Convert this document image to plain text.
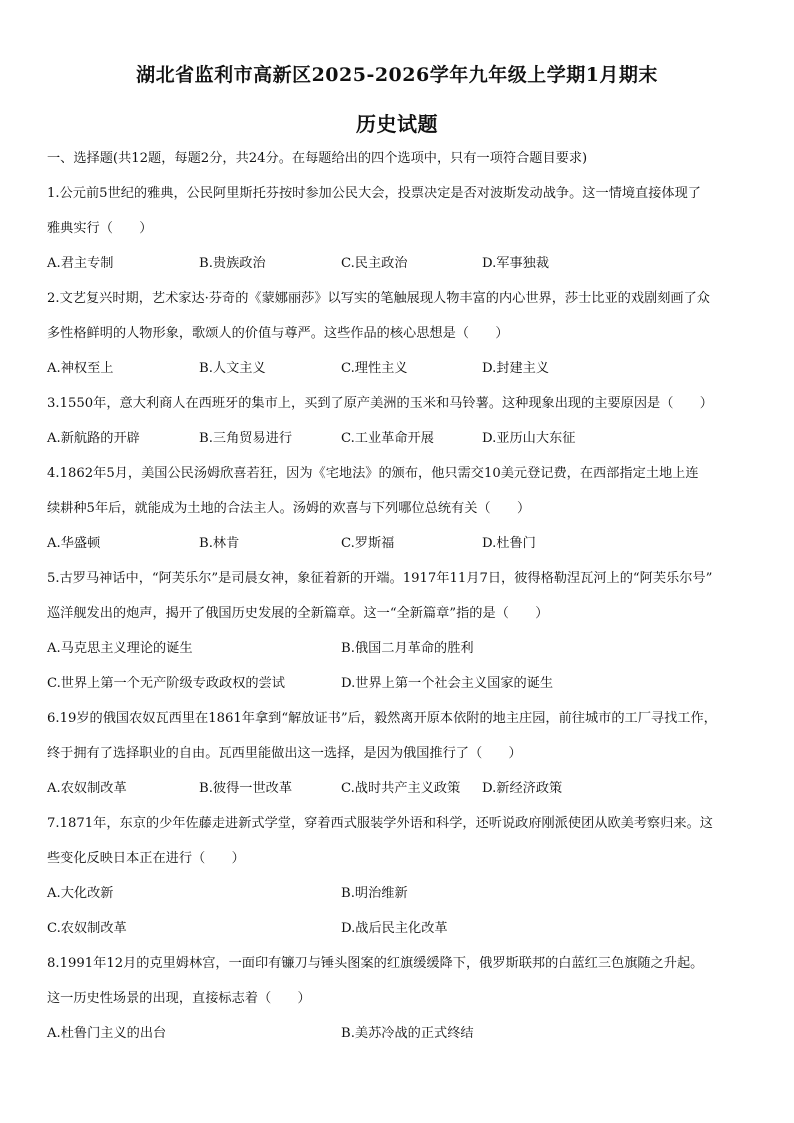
湖北省监利市高新区2025-2026学年九年级上学期1月期末
历史试题
一、选择题(共12题，每题2分，共24分。在每题给出的四个选项中，只有一项符合题目要求)
1.公元前5世纪的雅典，公民阿里斯托芬按时参加公民大会，投票决定是否对波斯发动战争。这一情境直接体现了
雅典实行（　　）
A.君主专制	B.贵族政治	C.民主政治	D.军事独裁
2.文艺复兴时期，艺术家达·芬奇的《蒙娜丽莎》以写实的笔触展现人物丰富的内心世界，莎士比亚的戏剧刻画了众
多性格鲜明的人物形象，歌颂人的价值与尊严。这些作品的核心思想是（　　）
A.神权至上	B.人文主义	C.理性主义	D.封建主义
3.1550年，意大利商人在西班牙的集市上，买到了原产美洲的玉米和马铃薯。这种现象出现的主要原因是（　　）
A.新航路的开辟	B.三角贸易进行	C.工业革命开展	D.亚历山大东征
4.1862年5月，美国公民汤姆欣喜若狂，因为《宅地法》的颁布，他只需交10美元登记费，在西部指定土地上连
续耕种5年后，就能成为土地的合法主人。汤姆的欢喜与下列哪位总统有关（　　）
A.华盛顿	B.林肯	C.罗斯福	D.杜鲁门
5.古罗马神话中，“阿芙乐尔”是司晨女神，象征着新的开端。1917年11月7日，彼得格勒涅瓦河上的“阿芙乐尔号”
巡洋舰发出的炮声，揭开了俄国历史发展的全新篇章。这一“全新篇章”指的是（　　）
A.马克思主义理论的诞生	B.俄国二月革命的胜利
C.世界上第一个无产阶级专政政权的尝试	D.世界上第一个社会主义国家的诞生
6.19岁的俄国农奴瓦西里在1861年拿到“解放证书”后，毅然离开原本依附的地主庄园，前往城市的工厂寻找工作，
终于拥有了选择职业的自由。瓦西里能做出这一选择，是因为俄国推行了（　　）
A.农奴制改革	B.彼得一世改革	C.战时共产主义政策 D.新经济政策
7.1871年，东京的少年佐藤走进新式学堂，穿着西式服装学外语和科学，还听说政府刚派使团从欧美考察归来。这
些变化反映日本正在进行（　　）
A.大化改新	B.明治维新
C.农奴制改革	D.战后民主化改革
8.1991年12月的克里姆林宫，一面印有镰刀与锤头图案的红旗缓缓降下，俄罗斯联邦的白蓝红三色旗随之升起。
这一历史性场景的出现，直接标志着（　　）
A.杜鲁门主义的出台	B.美苏冷战的正式终结
